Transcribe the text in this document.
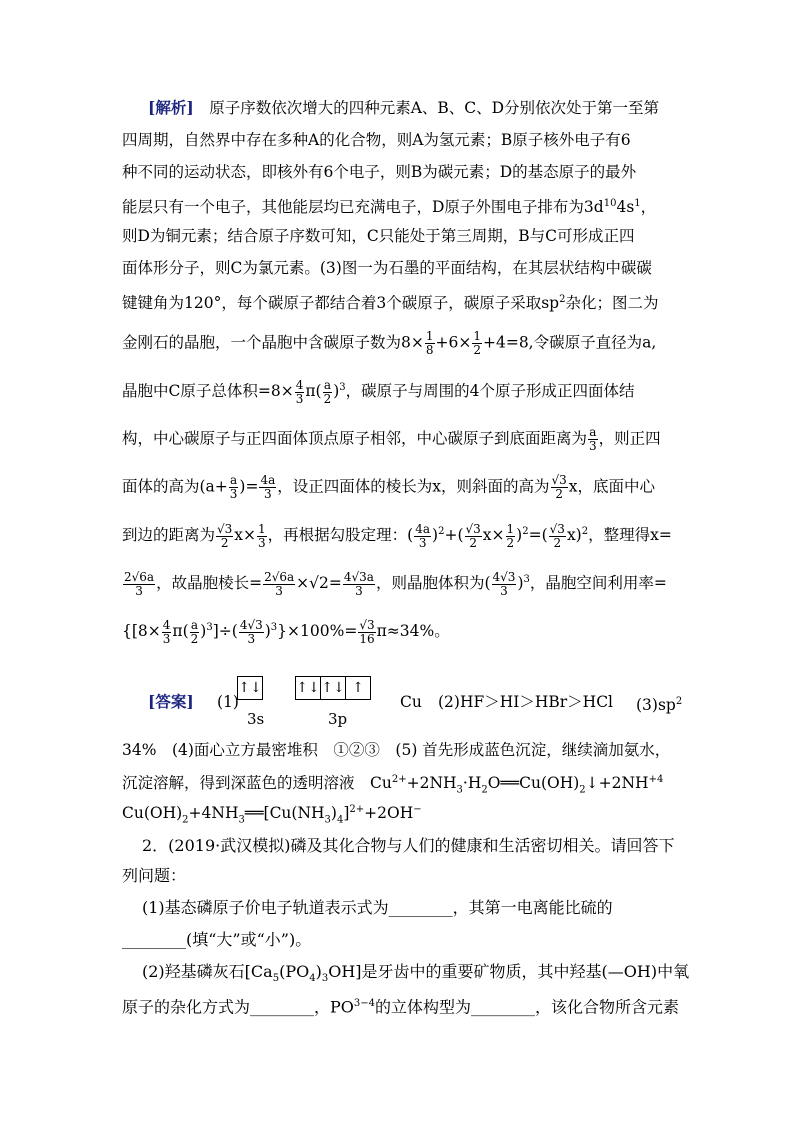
[解析]　 原子序数依次增大的四种元素A、B、C、D分别依次处于第一至第
四周期，自然界中存在多种A的化合物，则A为氢元素；B原子核外电子有6
种不同的运动状态，即核外有6个电子，则B为碳元素；D的基态原子的最外
能层只有一个电子，其他能层均已充满电子，D原子外围电子排布为$3d^{10}4s^1$，
则D为铜元素；结合原子序数可知，C只能处于第三周期，B与C可形成正四
面体形分子，则C为氯元素。(3)图一为石墨的平面结构，在其层状结构中碳碳
键键角为120°，每个碳原子都结合着3个碳原子，碳原子采取$sp^2$杂化；图二为
金刚石的晶胞，一个晶胞中含碳原子数为$8\times \frac{1}{8} +6\times \frac{1}{2} +4=8$,令碳原子直径为a,
晶胞中C原子总体积$=8\times \frac{4}{3} \pi( \frac{a}{2} )^3$，碳原子与周围的4个原子形成正四面体结
构，中心碳原子与正四面体顶点原子相邻，中心碳原子到底面距离为 $\frac{a}{3}$ ，则正四
面体的高为($a+ \frac{a}{3}$ )= $\frac{4a}{3}$ ，设正四面体的棱长为x，则斜面的高为 $\frac{√3}{2}$ x，底面中心
到边的距离为 $\frac{√3}{2} x\times \frac{1}{3}$ ，再根据勾股定理：( $\frac{4a}{3} )^2+( \frac{√3}{2} x\times \frac{1}{2} )^2=( \frac{√3}{2} x)^2$，整理得x=
$\frac{2√6a}{3}$ ，故晶胞棱长= $\frac{2√6a}{3} \times√2= \frac{4√3a}{3}$ ，则晶胞体积为( $\frac{4√3}{3} )^3$，晶胞空间利用率=
$\{[8\times \frac{4}{3} \pi( \frac{a}{2} )^3]\div( \frac{4√3}{3} )^3\}\times 100\%= \frac{√3}{16} \pi\approx 34\%$。
[答案] (1)
↑↓
3s
↑↓ ↑↓ ↑
3p
Cu (2)HF＞HI＞HBr＞HCl $(3)sp^2$
34%　(4)面心立方最密堆积　①②③　(5) 首先形成蓝色沉淀，继续滴加氨水，
沉淀溶解，得到深蓝色的透明溶液　$Cu^{2+}+2NH_3\cdot H_2O══Cu(OH)_2↓+2NH^{+4}$
$Cu(OH)_2+4NH_3══[Cu(NH_3)_4]^{2+}+2OH^-$
2．(2019·武汉模拟)磷及其化合物与人们的健康和生活密切相关。请回答下
列问题：
(1)基态磷原子价电子轨道表示式为________，其第一电离能比硫的
________(填“大”或“小”)。
(2)羟基磷灰石$[Ca_5(PO_4)_3OH]$是牙齿中的重要矿物质，其中羟基(—OH)中氧
原子的杂化方式为________，$PO^{3-4}$的立体构型为________，该化合物所含元素
